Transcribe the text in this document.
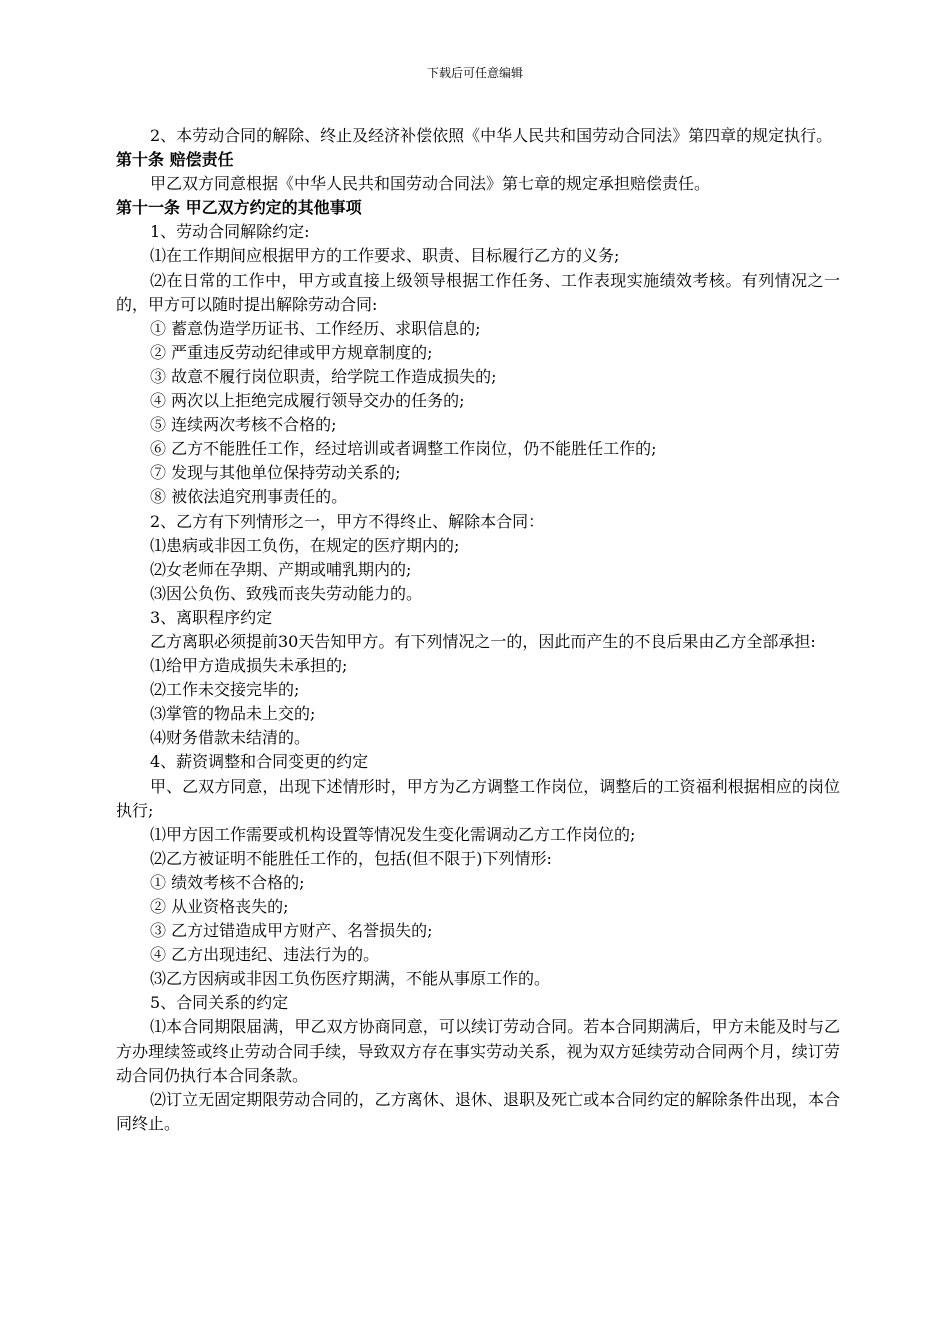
下载后可任意编辑

2、本劳动合同的解除、终止及经济补偿依照《中华人民共和国劳动合同法》第四章的规定执行。

第十条 赔偿责任

甲乙双方同意根据《中华人民共和国劳动合同法》第七章的规定承担赔偿责任。

第十一条 甲乙双方约定的其他事项

1、劳动合同解除约定:

⑴在工作期间应根据甲方的工作要求、职责、目标履行乙方的义务;

⑵在日常的工作中，甲方或直接上级领导根据工作任务、工作表现实施绩效考核。有列情况之一的，甲方可以随时提出解除劳动合同:

① 蓄意伪造学历证书、工作经历、求职信息的;

② 严重违反劳动纪律或甲方规章制度的;

③ 故意不履行岗位职责，给学院工作造成损失的;

④ 两次以上拒绝完成履行领导交办的任务的;

⑤ 连续两次考核不合格的;

⑥ 乙方不能胜任工作，经过培训或者调整工作岗位，仍不能胜任工作的;

⑦ 发现与其他单位保持劳动关系的;

⑧ 被依法追究刑事责任的。

2、乙方有下列情形之一，甲方不得终止、解除本合同：

⑴患病或非因工负伤，在规定的医疗期内的;

⑵女老师在孕期、产期或哺乳期内的;

⑶因公负伤、致残而丧失劳动能力的。

3、离职程序约定

乙方离职必须提前30天告知甲方。有下列情况之一的，因此而产生的不良后果由乙方全部承担:

⑴给甲方造成损失未承担的;

⑵工作未交接完毕的;

⑶掌管的物品未上交的;

⑷财务借款未结清的。

4、薪资调整和合同变更的约定

甲、乙双方同意，出现下述情形时，甲方为乙方调整工作岗位，调整后的工资福利根据相应的岗位执行;

⑴甲方因工作需要或机构设置等情况发生变化需调动乙方工作岗位的;

⑵乙方被证明不能胜任工作的，包括(但不限于)下列情形:

① 绩效考核不合格的;

② 从业资格丧失的;

③ 乙方过错造成甲方财产、名誉损失的;

④ 乙方出现违纪、违法行为的。

⑶乙方因病或非因工负伤医疗期满，不能从事原工作的。

5、合同关系的约定

⑴本合同期限届满，甲乙双方协商同意，可以续订劳动合同。若本合同期满后，甲方未能及时与乙方办理续签或终止劳动合同手续，导致双方存在事实劳动关系，视为双方延续劳动合同两个月，续订劳动合同仍执行本合同条款。

⑵订立无固定期限劳动合同的，乙方离休、退休、退职及死亡或本合同约定的解除条件出现，本合同终止。
